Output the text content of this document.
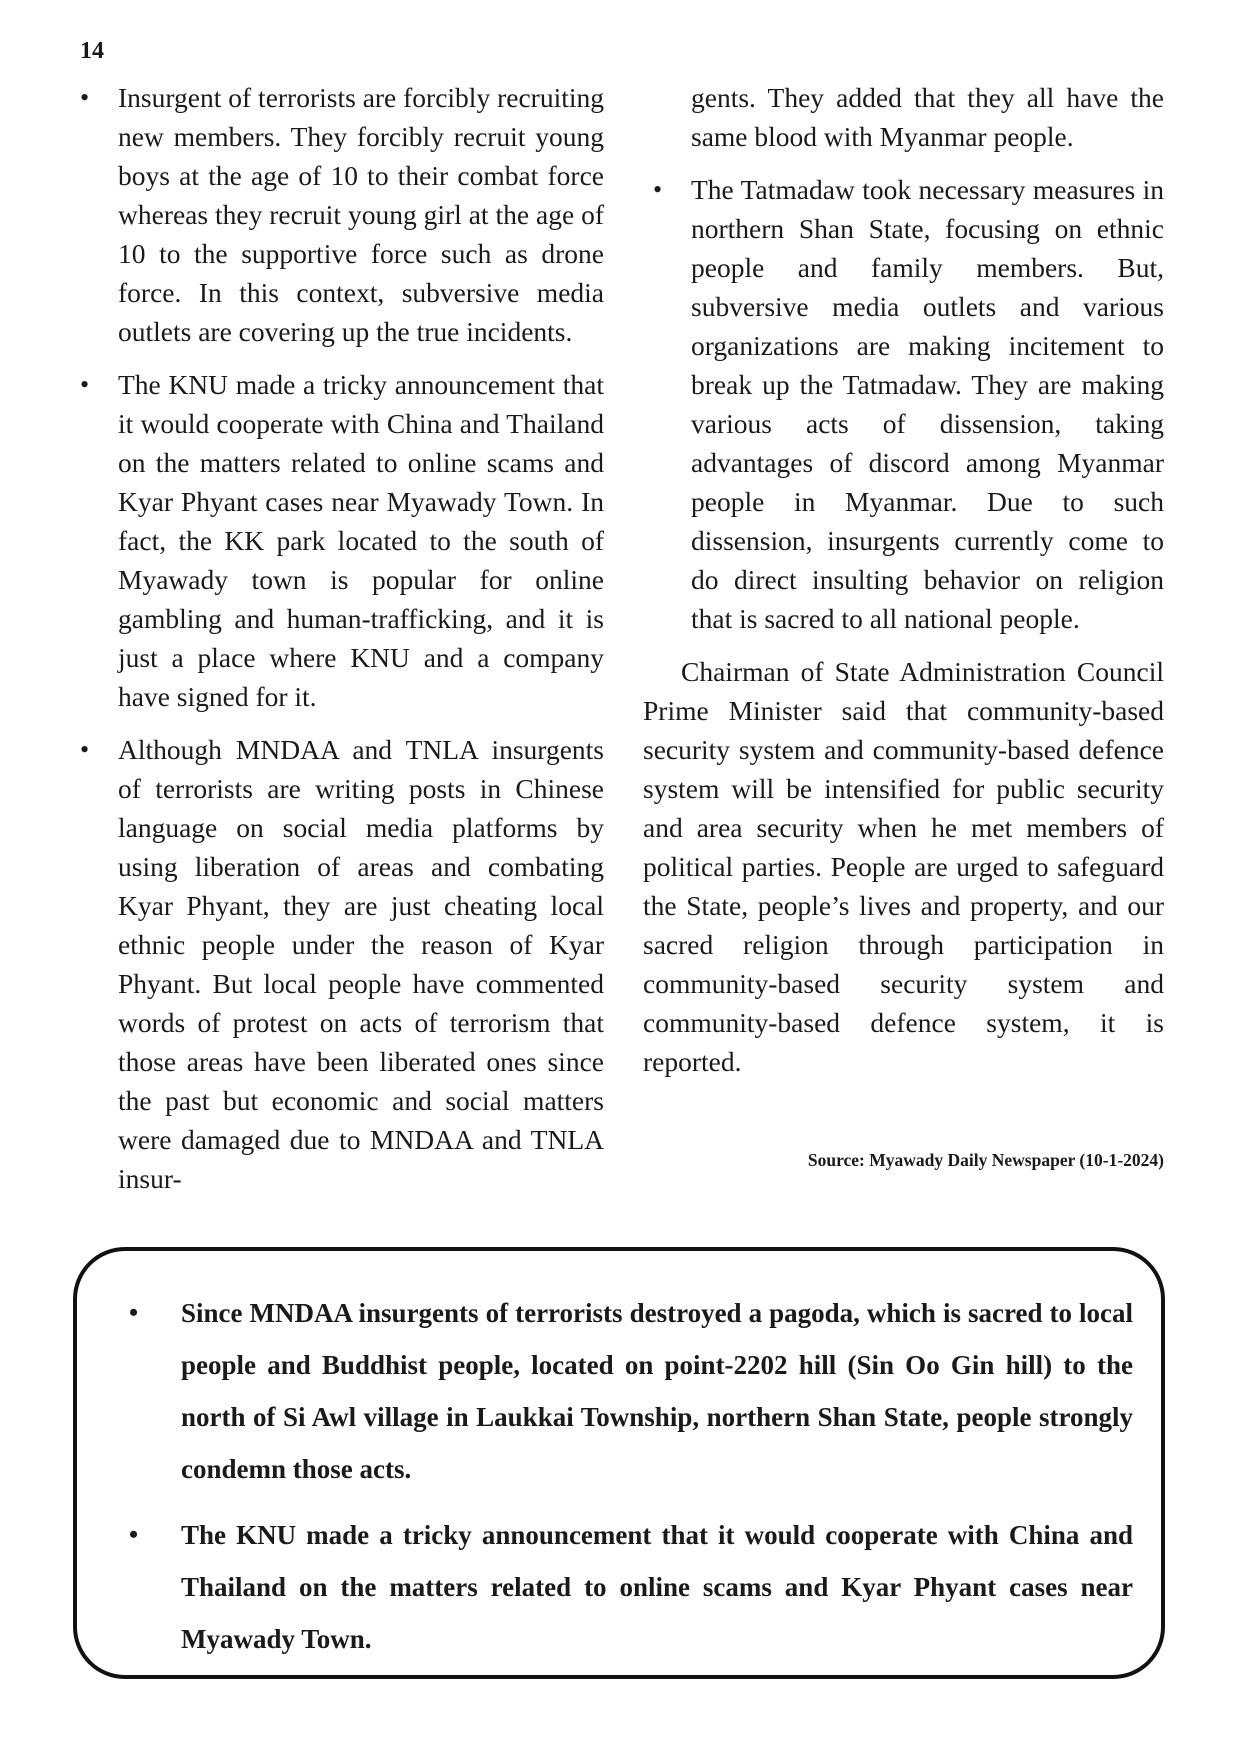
14
• Insurgent of terrorists are forcibly recruiting new members. They forcibly recruit young boys at the age of 10 to their combat force whereas they recruit young girl at the age of 10 to the supportive force such as drone force. In this context, subversive media outlets are covering up the true incidents.
• The KNU made a tricky announcement that it would cooperate with China and Thailand on the matters related to online scams and Kyar Phyant cases near Myawady Town. In fact, the KK park located to the south of Myawady town is popular for online gambling and human-trafficking, and it is just a place where KNU and a company have signed for it.
• Although MNDAA and TNLA insurgents of terrorists are writing posts in Chinese language on social media platforms by using liberation of areas and combating Kyar Phyant, they are just cheating local ethnic people under the reason of Kyar Phyant. But local people have commented words of protest on acts of terrorism that those areas have been liberated ones since the past but economic and social matters were damaged due to MNDAA and TNLA insur-
gents. They added that they all have the same blood with Myanmar people.
• The Tatmadaw took necessary measures in northern Shan State, focusing on ethnic people and family members. But, subversive media outlets and various organizations are making incitement to break up the Tatmadaw. They are making various acts of dissension, taking advantages of discord among Myanmar people in Myanmar. Due to such dissension, insurgents currently come to do direct insulting behavior on religion that is sacred to all national people.

Chairman of State Administration Council Prime Minister said that community-based security system and community-based defence system will be intensified for public security and area security when he met members of political parties. People are urged to safeguard the State, people’s lives and property, and our sacred religion through participation in community-based security system and community-based defence system, it is reported.

Source: Myawady Daily Newspaper (10-1-2024)
• Since MNDAA insurgents of terrorists destroyed a pagoda, which is sacred to local people and Buddhist people, located on point-2202 hill (Sin Oo Gin hill) to the north of Si Awl village in Laukkai Township, northern Shan State, people strongly condemn those acts.
• The KNU made a tricky announcement that it would cooperate with China and Thailand on the matters related to online scams and Kyar Phyant cases near Myawady Town.
